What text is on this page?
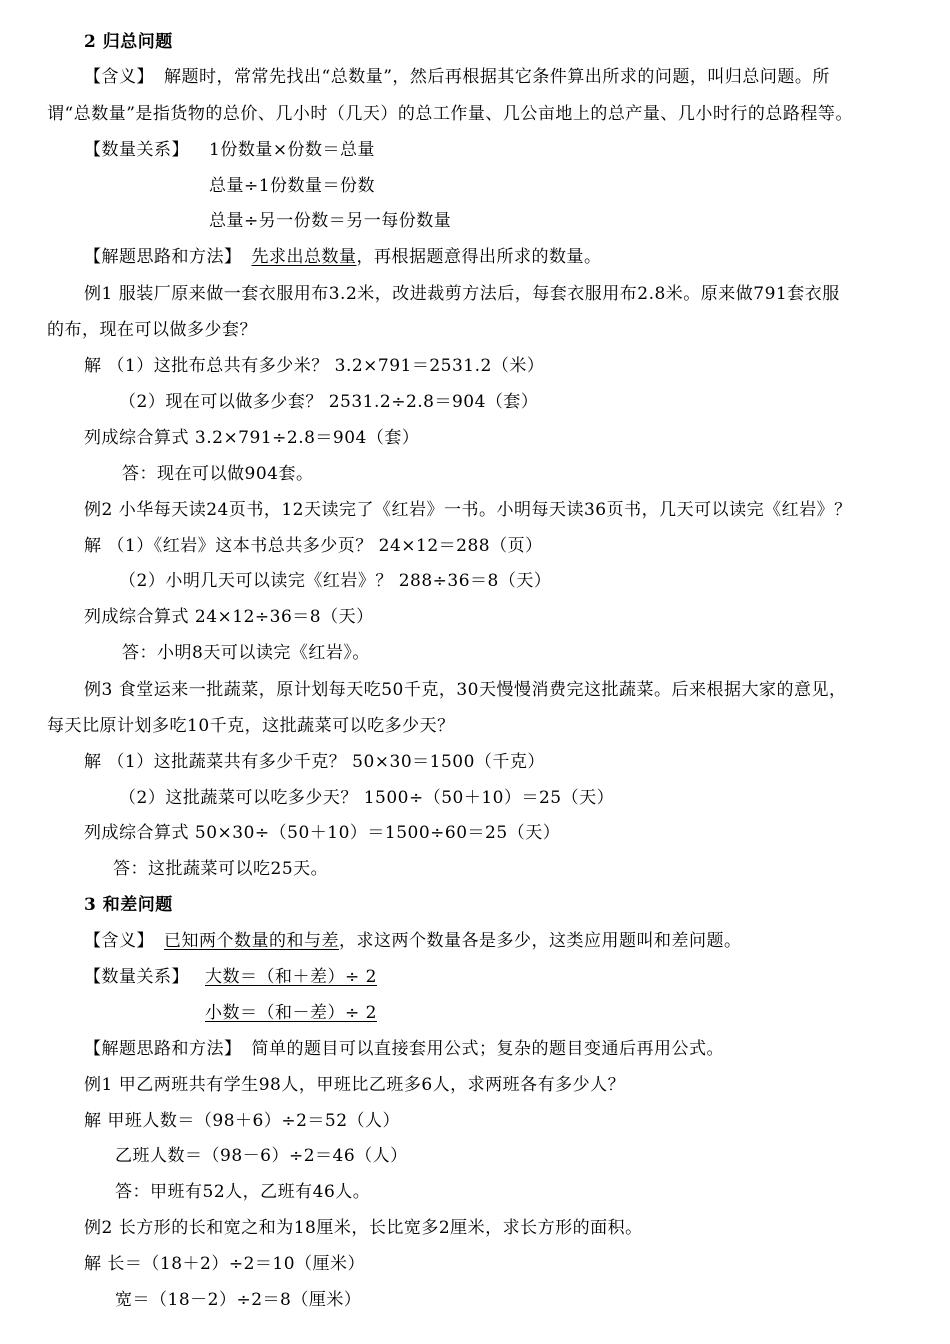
2 归总问题
【含义】 解题时，常常先找出“总数量”，然后再根据其它条件算出所求的问题，叫归总问题。所
谓“总数量”是指货物的总价、几小时（几天）的总工作量、几公亩地上的总产量、几小时行的总路程等。
【数量关系】 1份数量×份数＝总量
总量÷1份数量＝份数
总量÷另一份数＝另一每份数量
【解题思路和方法】 先求出总数量，再根据题意得出所求的数量。
例1 服装厂原来做一套衣服用布3.2米，改进裁剪方法后，每套衣服用布2.8米。原来做791套衣服
的布，现在可以做多少套？
解 （1）这批布总共有多少米？ 3.2×791＝2531.2（米）
（2）现在可以做多少套？ 2531.2÷2.8＝904（套）
列成综合算式 3.2×791÷2.8＝904（套）
答：现在可以做904套。
例2 小华每天读24页书，12天读完了《红岩》一书。小明每天读36页书，几天可以读完《红岩》？
解 （1）《红岩》这本书总共多少页？ 24×12＝288（页）
（2）小明几天可以读完《红岩》？ 288÷36＝8（天）
列成综合算式 24×12÷36＝8（天）
答：小明8天可以读完《红岩》。
例3 食堂运来一批蔬菜，原计划每天吃50千克，30天慢慢消费完这批蔬菜。后来根据大家的意见，
每天比原计划多吃10千克，这批蔬菜可以吃多少天？
解 （1）这批蔬菜共有多少千克？ 50×30＝1500（千克）
（2）这批蔬菜可以吃多少天？ 1500÷（50＋10）＝25（天）
列成综合算式 50×30÷（50＋10）＝1500÷60＝25（天）
答：这批蔬菜可以吃25天。
3 和差问题
【含义】 已知两个数量的和与差，求这两个数量各是多少，这类应用题叫和差问题。
【数量关系】 大数＝（和＋差）÷ 2
小数＝（和－差）÷ 2
【解题思路和方法】 简单的题目可以直接套用公式；复杂的题目变通后再用公式。
例1 甲乙两班共有学生98人，甲班比乙班多6人，求两班各有多少人？
解 甲班人数＝（98＋6）÷2＝52（人）
乙班人数＝（98－6）÷2＝46（人）
答：甲班有52人，乙班有46人。
例2 长方形的长和宽之和为18厘米，长比宽多2厘米，求长方形的面积。
解 长＝（18＋2）÷2＝10（厘米）
宽＝（18－2）÷2＝8（厘米）
